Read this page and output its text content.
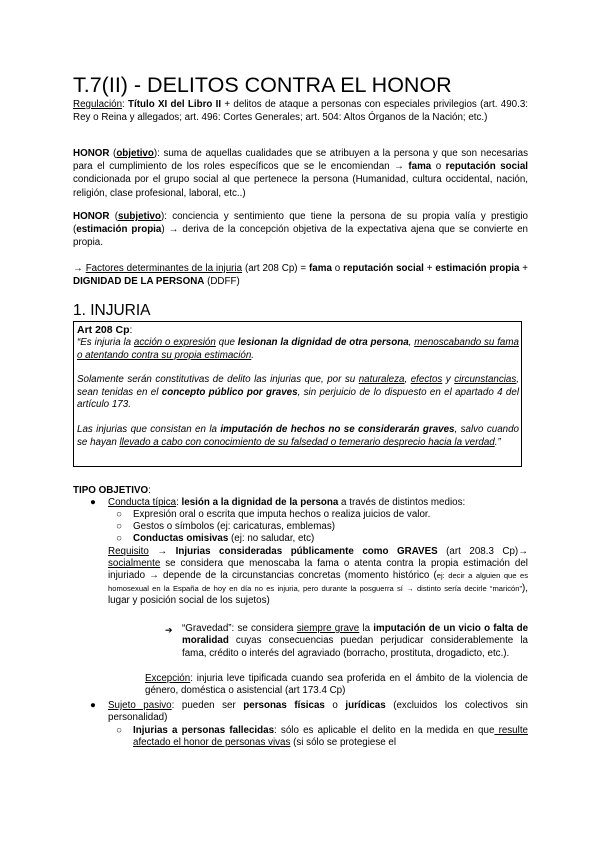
T.7(II) - DELITOS CONTRA EL HONOR
Regulación: Título XI del Libro II + delitos de ataque a personas con especiales privilegios (art. 490.3: Rey o Reina y allegados; art. 496: Cortes Generales; art. 504: Altos Órganos de la Nación; etc.)
HONOR (objetivo): suma de aquellas cualidades que se atribuyen a la persona y que son necesarias para el cumplimiento de los roles específicos que se le encomiendan → fama o reputación social condicionada por el grupo social al que pertenece la persona (Humanidad, cultura occidental, nación, religión, clase profesional, laboral, etc..)
HONOR (subjetivo): conciencia y sentimiento que tiene la persona de su propia valía y prestigio (estimación propia) → deriva de la concepción objetiva de la expectativa ajena que se convierte en propia.
→ Factores determinantes de la injuria (art 208 Cp) = fama o reputación social + estimación propia + DIGNIDAD DE LA PERSONA (DDFF)
1. INJURIA
Art 208 Cp:
“Es injuria la acción o expresión que lesionan la dignidad de otra persona, menoscabando su fama o atentando contra su propia estimación.
Solamente serán constitutivas de delito las injurias que, por su naturaleza, efectos y circunstancias, sean tenidas en el concepto público por graves, sin perjuicio de lo dispuesto en el apartado 4 del artículo 173.
Las injurias que consistan en la imputación de hechos no se considerarán graves, salvo cuando se hayan llevado a cabo con conocimiento de su falsedad o temerario desprecio hacia la verdad.”
TIPO OBJETIVO:
● Conducta típica: lesión a la dignidad de la persona a través de distintos medios:
○ Expresión oral o escrita que imputa hechos o realiza juicios de valor.
○ Gestos o símbolos (ej: caricaturas, emblemas)
○ Conductas omisivas (ej: no saludar, etc)
Requisito → Injurias consideradas públicamente como GRAVES (art 208.3 Cp)→ socialmente se considera que menoscaba la fama o atenta contra la propia estimación del injuriado → depende de la circunstancias concretas (momento histórico (ej: decir a alguien que es homosexual en la España de hoy en día no es injuria, pero durante la posguerra sí → distinto sería decirle “maricón”), lugar y posición social de los sujetos)
➔ “Gravedad”: se considera siempre grave la imputación de un vicio o falta de moralidad cuyas consecuencias puedan perjudicar considerablemente la fama, crédito o interés del agraviado (borracho, prostituta, drogadicto, etc.).
Excepción: injuria leve tipificada cuando sea proferida en el ámbito de la violencia de género, doméstica o asistencial (art 173.4 Cp)
● Sujeto pasivo: pueden ser personas físicas o jurídicas (excluidos los colectivos sin personalidad)
○ Injurias a personas fallecidas: sólo es aplicable el delito en la medida en que resulte afectado el honor de personas vivas (si sólo se protegiese el
